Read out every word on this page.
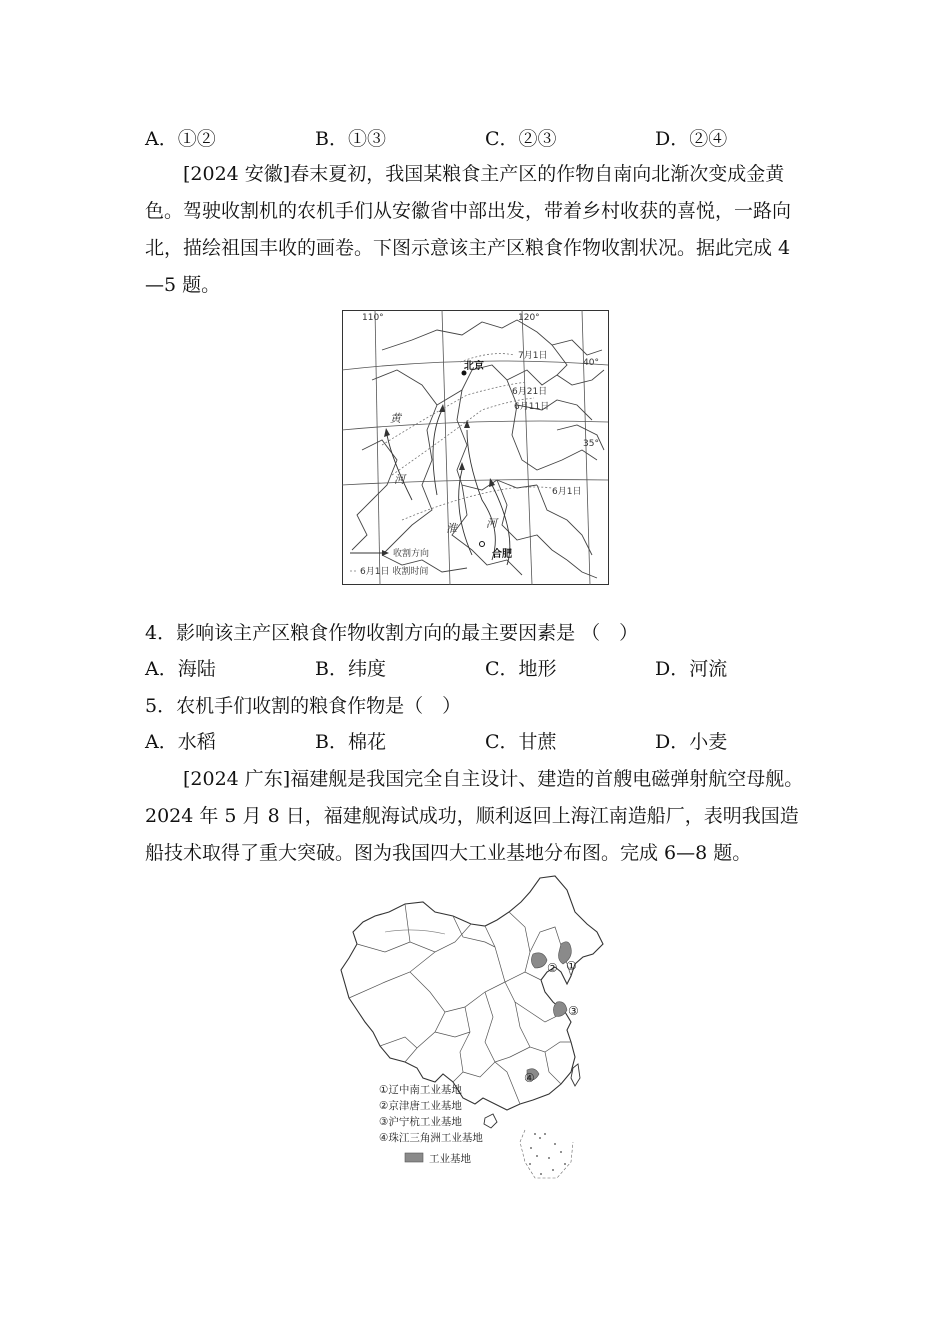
A．①②	B．①③	C．②③	D．②④
[2024 安徽]春末夏初，我国某粮食主产区的作物自南向北渐次变成金黄色。驾驶收割机的农机手们从安徽省中部出发，带着乡村收获的喜悦，一路向北，描绘祖国丰收的画卷。下图示意该主产区粮食作物收割状况。据此完成 4—5 题。
110°	120°
40°
35°
北京
合肥
黄
河
淮	河
7月1日
6月21日
6月11日
6月1日
收割方向
6月1日 收割时间
4．影响该主产区粮食作物收割方向的最主要因素是 （　）
A．海陆	B．纬度	C．地形	D．河流
5．农机手们收割的粮食作物是（　）
A．水稻	B．棉花	C．甘蔗	D．小麦
[2024 广东]福建舰是我国完全自主设计、建造的首艘电磁弹射航空母舰。2024 年 5 月 8 日，福建舰海试成功，顺利返回上海江南造船厂，表明我国造船技术取得了重大突破。图为我国四大工业基地分布图。完成 6—8 题。
①
②
③
④
①辽中南工业基地
②京津唐工业基地
③沪宁杭工业基地
④珠江三角洲工业基地
工业基地
